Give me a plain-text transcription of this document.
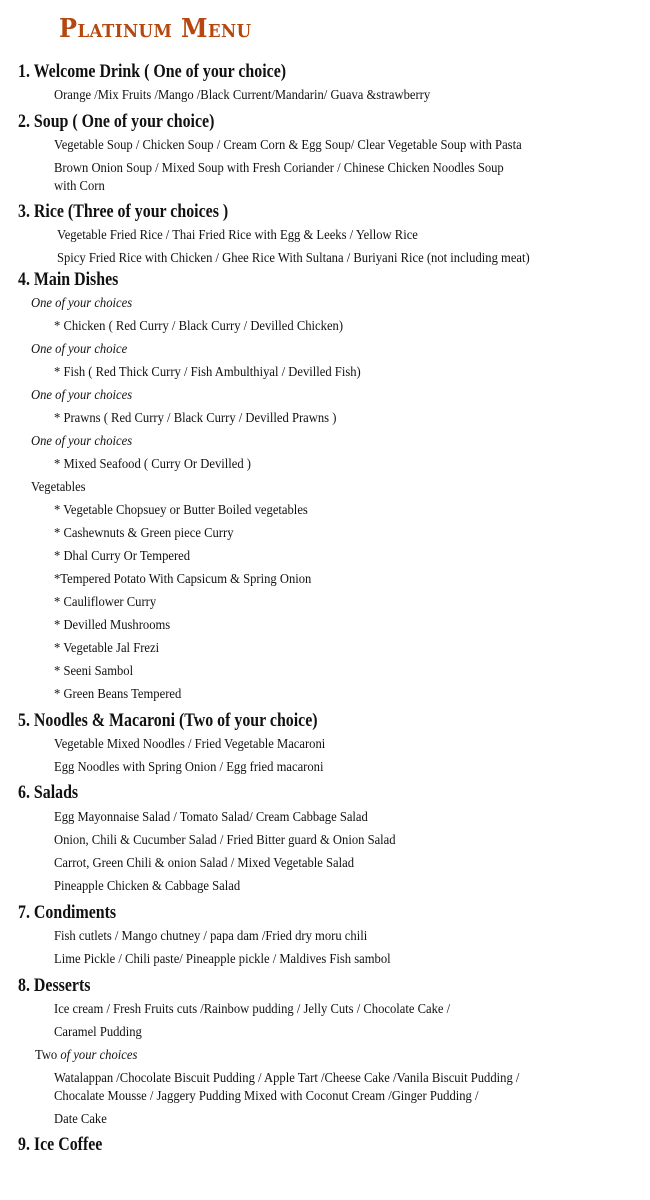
Platinum Menu
1. Welcome Drink ( One of your choice)
Orange /Mix Fruits /Mango /Black Current/Mandarin/ Guava &strawberry
2. Soup ( One of your choice)
Vegetable Soup / Chicken Soup / Cream Corn & Egg Soup/ Clear Vegetable Soup with Pasta
Brown Onion Soup / Mixed Soup with Fresh Coriander / Chinese Chicken Noodles Soup
with Corn
3. Rice (Three of your choices )
Vegetable Fried Rice / Thai Fried Rice with Egg & Leeks / Yellow Rice
Spicy Fried Rice with Chicken / Ghee Rice With Sultana / Buriyani Rice (not including meat)
4. Main Dishes
One of your choices
* Chicken ( Red Curry / Black Curry / Devilled Chicken)
One of your choice
* Fish ( Red Thick Curry / Fish Ambulthiyal / Devilled Fish)
One of your choices
* Prawns ( Red Curry / Black Curry / Devilled Prawns )
One of your choices
* Mixed Seafood ( Curry Or Devilled )
Vegetables
* Vegetable Chopsuey or Butter Boiled vegetables
* Cashewnuts & Green piece Curry
* Dhal Curry Or Tempered
*Tempered Potato With Capsicum & Spring Onion
* Cauliflower Curry
* Devilled Mushrooms
* Vegetable Jal Frezi
* Seeni Sambol
* Green Beans Tempered
5. Noodles & Macaroni (Two of your choice)
Vegetable Mixed Noodles / Fried Vegetable Macaroni
Egg Noodles with Spring Onion / Egg fried macaroni
6. Salads
Egg Mayonnaise Salad / Tomato Salad/ Cream Cabbage Salad
Onion, Chili & Cucumber Salad / Fried Bitter guard & Onion Salad
Carrot, Green Chili & onion Salad / Mixed Vegetable Salad
Pineapple Chicken & Cabbage Salad
7. Condiments
Fish cutlets / Mango chutney / papa dam /Fried dry moru chili
Lime Pickle / Chili paste/ Pineapple pickle / Maldives Fish sambol
8. Desserts
Ice cream / Fresh Fruits cuts /Rainbow pudding / Jelly Cuts / Chocolate Cake /
Caramel Pudding
Two of your choices
Watalappan /Chocolate Biscuit Pudding / Apple Tart /Cheese Cake /Vanila Biscuit Pudding /
Chocalate Mousse / Jaggery Pudding Mixed with Coconut Cream /Ginger Pudding /
Date Cake
9. Ice Coffee
